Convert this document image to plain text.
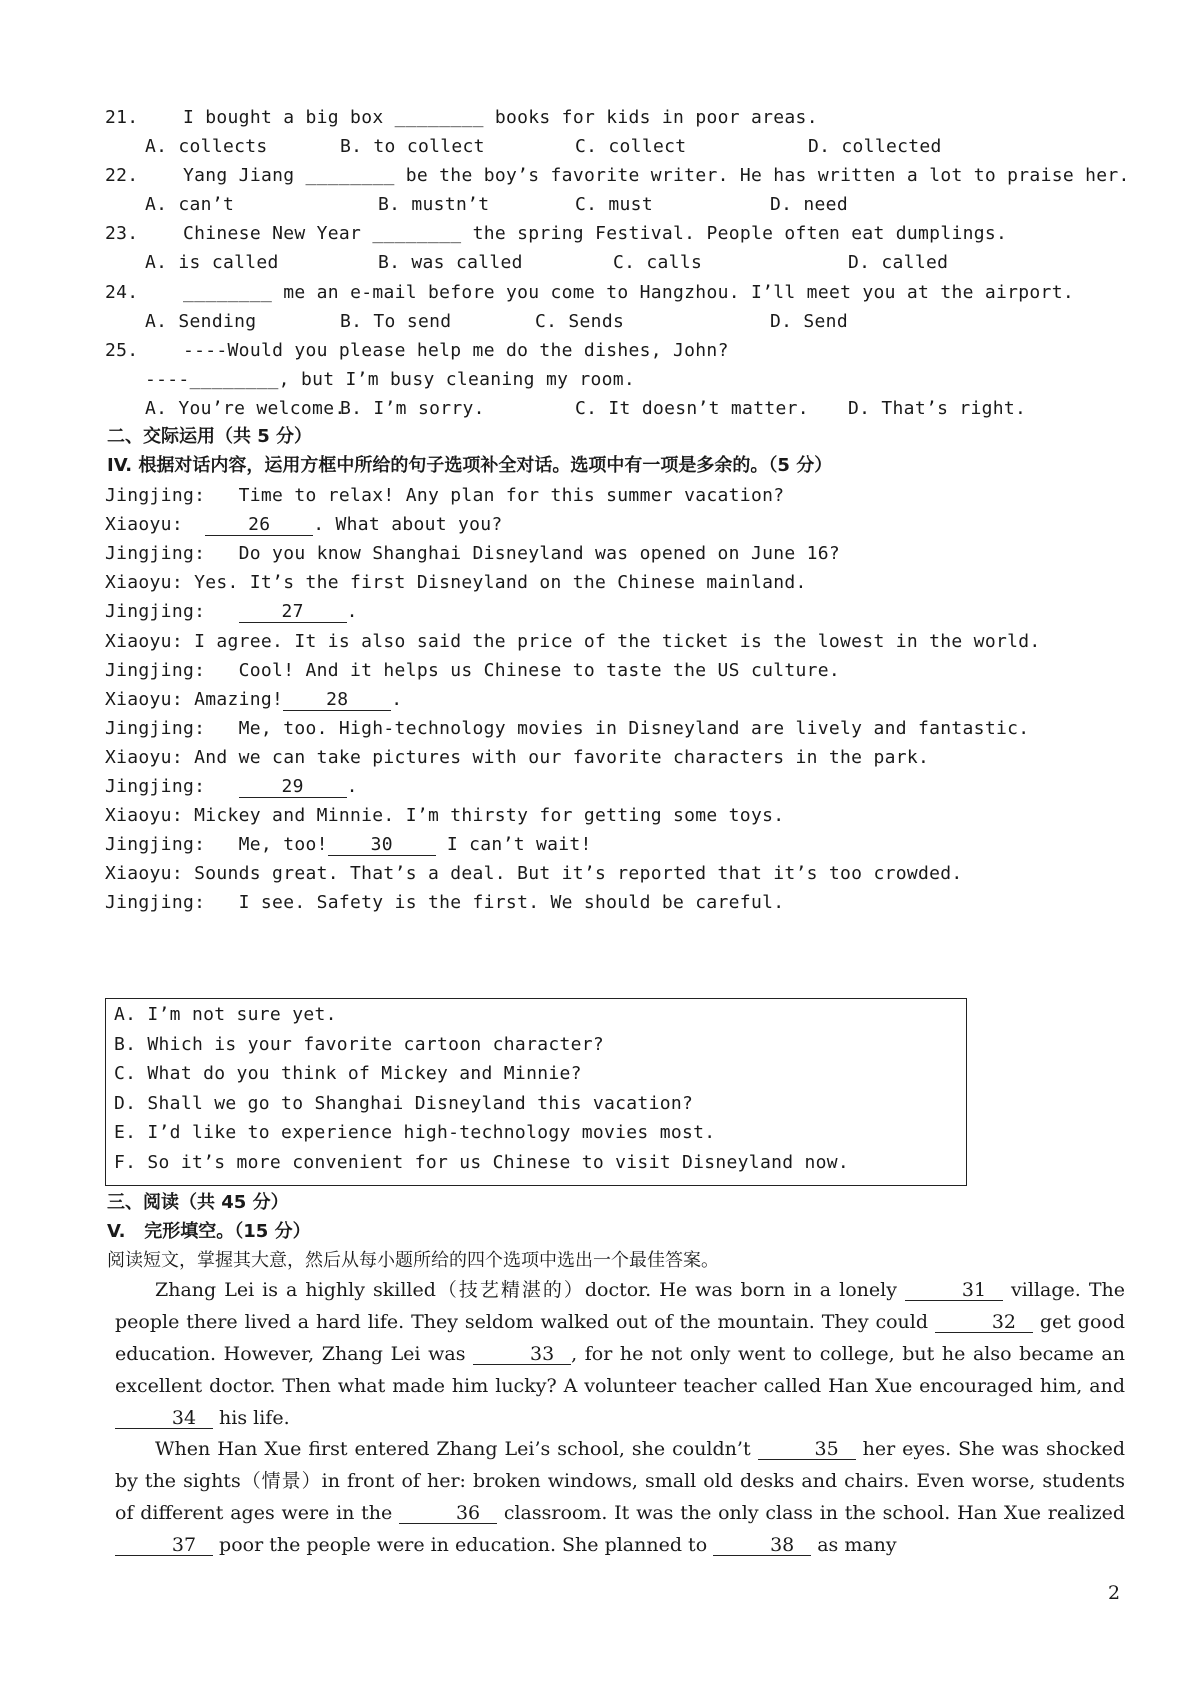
21. I bought a big box ________ books for kids in poor areas.
A. collects	B. to collect	C. collect	D. collected
22. Yang Jiang ________ be the boy’s favorite writer. He has written a lot to praise her.
A. can’t	B. mustn’t	C. must	D. need
23. Chinese New Year ________ the spring Festival. People often eat dumplings.
A. is called	B. was called	C. calls	D. called
24. ________ me an e-mail before you come to Hangzhou. I’ll meet you at the airport.
A. Sending	B. To send	C. Sends	D. Send
25. ----Would you please help me do the dishes, John?
----________, but I’m busy cleaning my room.
A. You’re welcome.
B. I’m sorry.	C. It doesn’t matter. D. That’s right.
二、交际运用（共 5 分）
IV. 根据对话内容，运用方框中所给的句子选项补全对话。选项中有一项是多余的。（5 分）
Jingjing:   Time to relax! Any plan for this summer vacation?
Xiaoyu:  26 . What about you?
Jingjing:   Do you know Shanghai Disneyland was opened on June 16?
Xiaoyu: Yes. It’s the first Disneyland on the Chinese mainland.
Jingjing:   27 .
Xiaoyu: I agree. It is also said the price of the ticket is the lowest in the world.
Jingjing:   Cool! And it helps us Chinese to taste the US culture.
Xiaoyu: Amazing! 28 .
Jingjing:   Me, too. High-technology movies in Disneyland are lively and fantastic.
Xiaoyu: And we can take pictures with our favorite characters in the park.
Jingjing:   29 .
Xiaoyu: Mickey and Minnie. I’m thirsty for getting some toys.
Jingjing:   Me, too! 30 I can’t wait!
Xiaoyu: Sounds great. That’s a deal. But it’s reported that it’s too crowded.
Jingjing:   I see. Safety is the first. We should be careful.
A. I’m not sure yet.
B. Which is your favorite cartoon character?
C. What do you think of Mickey and Minnie?
D. Shall we go to Shanghai Disneyland this vacation?
E. I’d like to experience high-technology movies most.
F. So it’s more convenient for us Chinese to visit Disneyland now.
三、阅读（共 45 分）
V.   完形填空。（15 分）
阅读短文，掌握其大意，然后从每小题所给的四个选项中选出一个最佳答案。
Zhang Lei is a highly skilled（技艺精湛的）doctor. He was born in a lonely	31 village. The people there lived a hard life. They seldom walked out of the mountain. They could	32 get good education. However, Zhang Lei was	33 , for he not only went to college, but he also became an excellent doctor. Then what made him lucky? A volunteer teacher called Han Xue encouraged him, and 34 his life.
When Han Xue first entered Zhang Lei’s school, she couldn’t	35 her eyes. She was shocked by the sights（情景）in front of her: broken windows, small old desks and chairs. Even worse, students of different ages were in the	36 classroom. It was the only class in the school. Han Xue realized 37 poor the people were in education. She planned to	38 as many
2
